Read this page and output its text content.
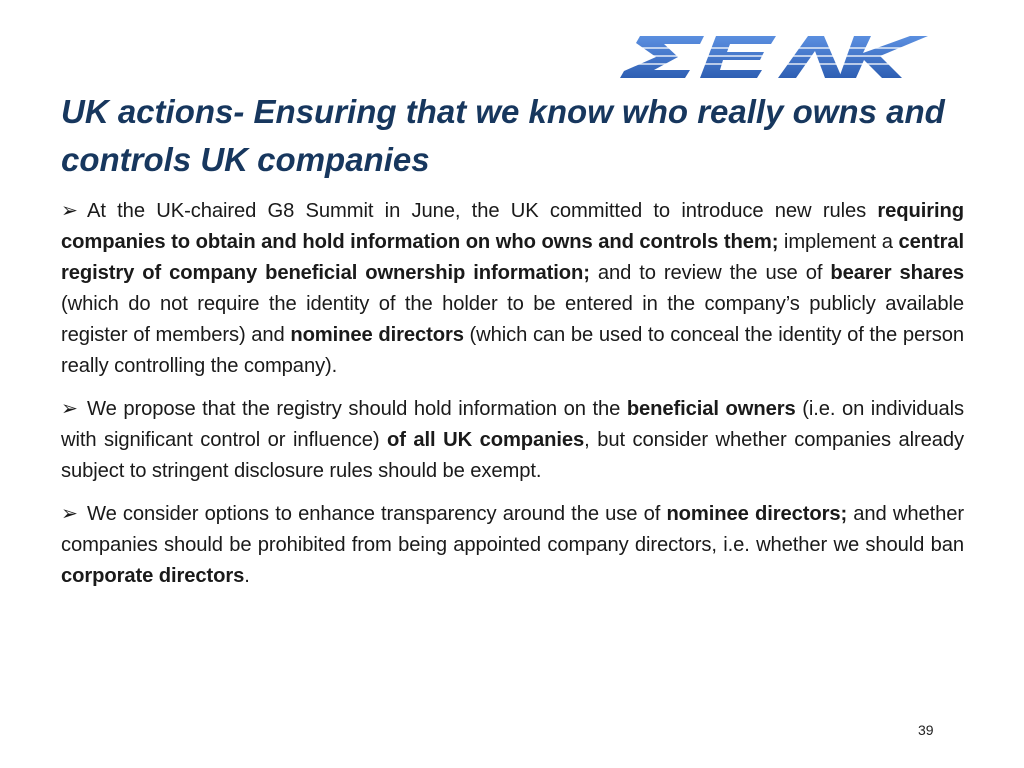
UK actions- Ensuring that we know who really owns and controls UK companies

➢ At the UK-chaired G8 Summit in June, the UK committed to introduce new rules requiring companies to obtain and hold information on who owns and controls them; implement a central registry of company beneficial ownership information; and to review the use of bearer shares (which do not require the identity of the holder to be entered in the company’s publicly available register of members) and nominee directors (which can be used to conceal the identity of the person really controlling the company).

➢ We propose that the registry should hold information on the beneficial owners (i.e. on individuals with significant control or influence) of all UK companies, but consider whether companies already subject to stringent disclosure rules should be exempt.

➢ We consider options to enhance transparency around the use of nominee directors; and whether companies should be prohibited from being appointed company directors, i.e. whether we should ban corporate directors.

39
